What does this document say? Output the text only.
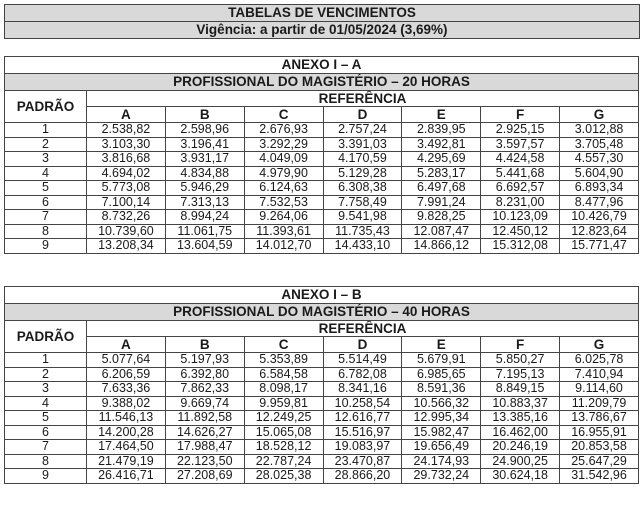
TABELAS DE VENCIMENTOS
Vigência: a partir de 01/05/2024 (3,69%)
ANEXO I – A							
PROFISSIONAL DO MAGISTÉRIO – 20 HORAS							
PADRÃO	REFERÊNCIA						
	A	B	C	D	E	F	G
1	2.538,82	2.598,96	2.676,93	2.757,24	2.839,95	2.925,15	3.012,88
2	3.103,30	3.196,41	3.292,29	3.391,03	3.492,81	3.597,57	3.705,48
3	3.816,68	3.931,17	4.049,09	4.170,59	4.295,69	4.424,58	4.557,30
4	4.694,02	4.834,88	4.979,90	5.129,28	5.283,17	5.441,68	5.604,90
5	5.773,08	5.946,29	6.124,63	6.308,38	6.497,68	6.692,57	6.893,34
6	7.100,14	7.313,13	7.532,53	7.758,49	7.991,24	8.231,00	8.477,96
7	8.732,26	8.994,24	9.264,06	9.541,98	9.828,25	10.123,09	10.426,79
8	10.739,60	11.061,75	11.393,61	11.735,43	12.087,47	12.450,12	12.823,64
9	13.208,34	13.604,59	14.012,70	14.433,10	14.866,12	15.312,08	15.771,47
ANEXO I – B							
PROFISSIONAL DO MAGISTÉRIO – 40 HORAS							
PADRÃO	REFERÊNCIA						
	A	B	C	D	E	F	G
1	5.077,64	5.197,93	5.353,89	5.514,49	5.679,91	5.850,27	6.025,78
2	6.206,59	6.392,80	6.584,58	6.782,08	6.985,65	7.195,13	7.410,94
3	7.633,36	7.862,33	8.098,17	8.341,16	8.591,36	8.849,15	9.114,60
4	9.388,02	9.669,74	9.959,81	10.258,54	10.566,32	10.883,37	11.209,79
5	11.546,13	11.892,58	12.249,25	12.616,77	12.995,34	13.385,16	13.786,67
6	14.200,28	14.626,27	15.065,08	15.516,97	15.982,47	16.462,00	16.955,91
7	17.464,50	17.988,47	18.528,12	19.083,97	19.656,49	20.246,19	20.853,58
8	21.479,19	22.123,50	22.787,24	23.470,87	24.174,93	24.900,25	25.647,29
9	26.416,71	27.208,69	28.025,38	28.866,20	29.732,24	30.624,18	31.542,96
